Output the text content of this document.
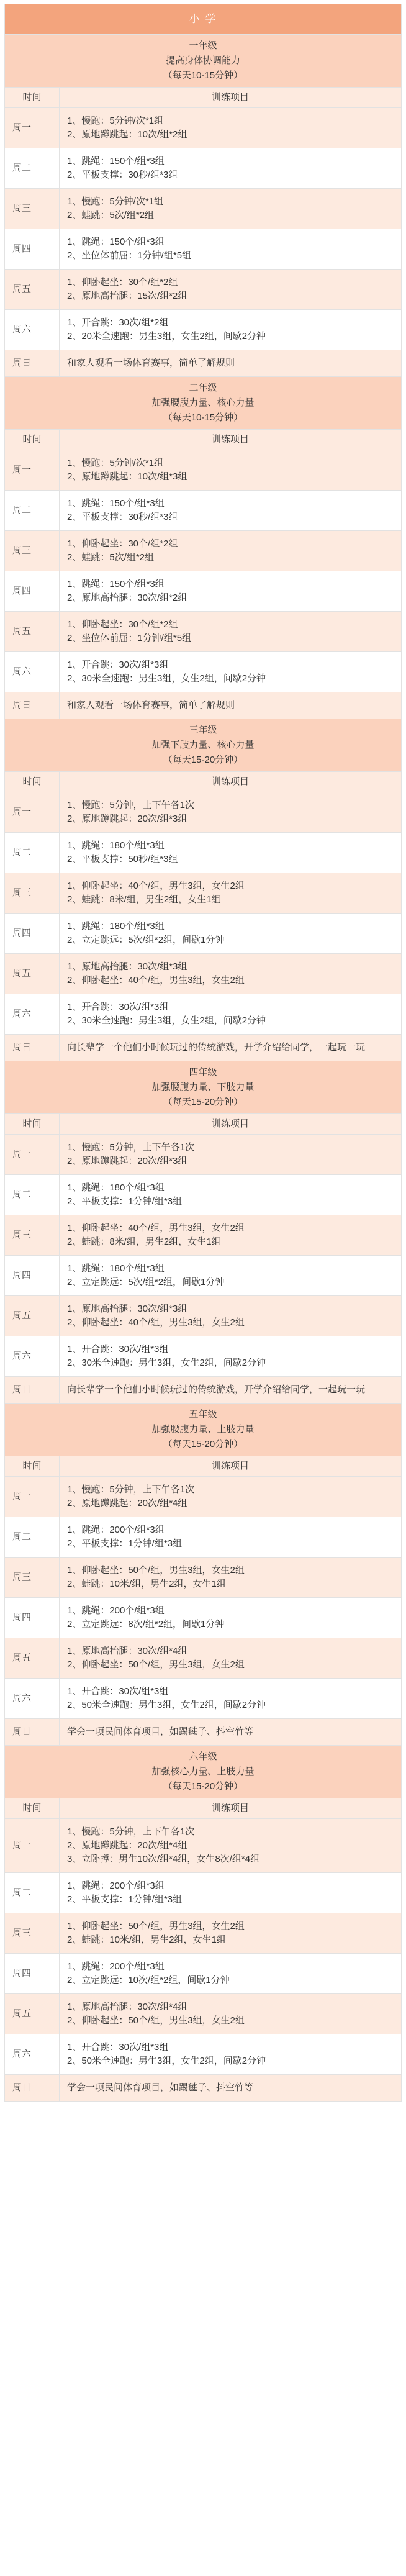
小 学	

一年级
提高身体协调能力
（每天10-15分钟）	

时间	训练项目
周一	1、慢跑：5分钟/次*1组
2、原地蹲跳起：10次/组*2组

周二	1、跳绳：150个/组*3组
2、平板支撑：30秒/组*3组

周三	1、慢跑：5分钟/次*1组
2、蛙跳：5次/组*2组

周四	1、跳绳：150个/组*3组
2、坐位体前屈：1分钟/组*5组

周五	1、仰卧起坐：30个/组*2组
2、原地高抬腿：15次/组*2组

周六	1、开合跳：30次/组*2组
2、20米全速跑：男生3组，女生2组，间歇2分钟

周日	和家人观看一场体育赛事，简单了解规则

二年级
加强腰腹力量、核心力量
（每天10-15分钟）	

时间	训练项目
周一	1、慢跑：5分钟/次*1组
2、原地蹲跳起：10次/组*3组

周二	1、跳绳：150个/组*3组
2、平板支撑：30秒/组*3组

周三	1、仰卧起坐：30个/组*2组
2、蛙跳：5次/组*2组

周四	1、跳绳：150个/组*3组
2、原地高抬腿：30次/组*2组

周五	1、仰卧起坐：30个/组*2组
2、坐位体前屈：1分钟/组*5组

周六	1、开合跳：30次/组*3组
2、30米全速跑：男生3组，女生2组，间歇2分钟

周日	和家人观看一场体育赛事，简单了解规则

三年级
加强下肢力量、核心力量
（每天15-20分钟）	

时间	训练项目
周一	1、慢跑：5分钟，上下午各1次
2、原地蹲跳起：20次/组*3组

周二	1、跳绳：180个/组*3组
2、平板支撑：50秒/组*3组

周三	1、仰卧起坐：40个/组，男生3组，女生2组
2、蛙跳：8米/组，男生2组，女生1组

周四	1、跳绳：180个/组*3组
2、立定跳远：5次/组*2组，间歇1分钟

周五	1、原地高抬腿：30次/组*3组
2、仰卧起坐：40个/组，男生3组，女生2组

周六	1、开合跳：30次/组*3组
2、30米全速跑：男生3组，女生2组，间歇2分钟

周日	向长辈学一个他们小时候玩过的传统游戏，开学介绍给同学，一起玩一玩

四年级
加强腰腹力量、下肢力量
（每天15-20分钟）	

时间	训练项目
周一	1、慢跑：5分钟，上下午各1次
2、原地蹲跳起：20次/组*3组

周二	1、跳绳：180个/组*3组
2、平板支撑：1分钟/组*3组

周三	1、仰卧起坐：40个/组，男生3组，女生2组
2、蛙跳：8米/组，男生2组，女生1组

周四	1、跳绳：180个/组*3组
2、立定跳远：5次/组*2组，间歇1分钟

周五	1、原地高抬腿：30次/组*3组
2、仰卧起坐：40个/组，男生3组，女生2组

周六	1、开合跳：30次/组*3组
2、30米全速跑：男生3组，女生2组，间歇2分钟

周日	向长辈学一个他们小时候玩过的传统游戏，开学介绍给同学，一起玩一玩

五年级
加强腰腹力量、上肢力量
（每天15-20分钟）	

时间	训练项目
周一	1、慢跑：5分钟，上下午各1次
2、原地蹲跳起：20次/组*4组

周二	1、跳绳：200个/组*3组
2、平板支撑：1分钟/组*3组

周三	1、仰卧起坐：50个/组，男生3组，女生2组
2、蛙跳：10米/组，男生2组，女生1组

周四	1、跳绳：200个/组*3组
2、立定跳远：8次/组*2组，间歇1分钟

周五	1、原地高抬腿：30次/组*4组
2、仰卧起坐：50个/组，男生3组，女生2组

周六	1、开合跳：30次/组*3组
2、50米全速跑：男生3组，女生2组，间歇2分钟

周日	学会一项民间体育项目，如踢毽子、抖空竹等

六年级
加强核心力量、上肢力量
（每天15-20分钟）	

时间	训练项目
周一	1、慢跑：5分钟，上下午各1次
2、原地蹲跳起：20次/组*4组
3、立卧撑：男生10次/组*4组，女生8次/组*4组

周二	1、跳绳：200个/组*3组
2、平板支撑：1分钟/组*3组

周三	1、仰卧起坐：50个/组，男生3组，女生2组
2、蛙跳：10米/组，男生2组，女生1组

周四	1、跳绳：200个/组*3组
2、立定跳远：10次/组*2组，间歇1分钟

周五	1、原地高抬腿：30次/组*4组
2、仰卧起坐：50个/组，男生3组，女生2组

周六	1、开合跳：30次/组*3组
2、50米全速跑：男生3组，女生2组，间歇2分钟

周日	学会一项民间体育项目，如踢毽子、抖空竹等
